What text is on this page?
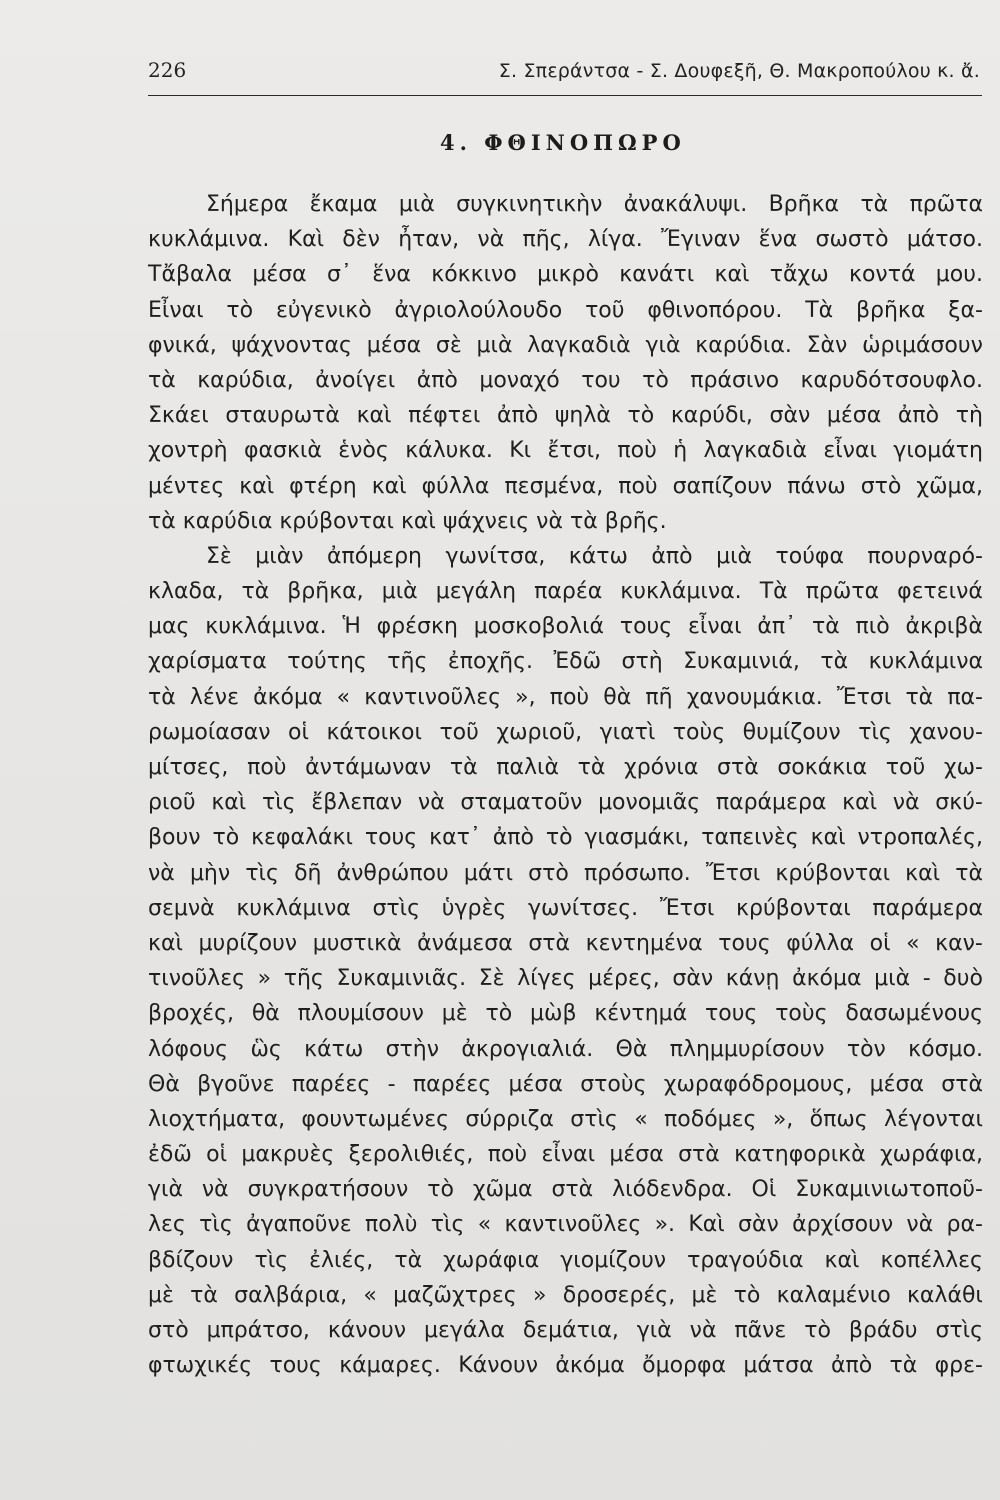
226	Σ. Σπεράντσα - Σ. Δουφεξῆ, Θ. Μακροπούλου κ. ἄ.
4. ΦΘΙΝΟΠΩΡΟ
Σήμερα ἔκαμα μιὰ συγκινητικὴν ἀνακάλυψι. Βρῆκα τὰ πρῶτα
κυκλάμινα. Καὶ δὲν ἦταν, νὰ πῆς, λίγα. Ἔγιναν ἕνα σωστὸ μάτσο.
Τἄβαλα μέσα σ᾿ ἕνα κόκκινο μικρὸ κανάτι καὶ τἄχω κοντά μου.
Εἶναι τὸ εὐγενικὸ ἀγριολούλουδο τοῦ φθινοπόρου. Τὰ βρῆκα ξα-
φνικά, ψάχνοντας μέσα σὲ μιὰ λαγκαδιὰ γιὰ καρύδια. Σὰν ὡριμάσουν
τὰ καρύδια, ἀνοίγει ἀπὸ μοναχό του τὸ πράσινο καρυδότσουφλο.
Σκάει σταυρωτὰ καὶ πέφτει ἀπὸ ψηλὰ τὸ καρύδι, σὰν μέσα ἀπὸ τὴ
χοντρὴ φασκιὰ ἑνὸς κάλυκα. Κι ἔτσι, ποὺ ἡ λαγκαδιὰ εἶναι γιομάτη
μέντες καὶ φτέρη καὶ φύλλα πεσμένα, ποὺ σαπίζουν πάνω στὸ χῶμα,
τὰ καρύδια κρύβονται καὶ ψάχνεις νὰ τὰ βρῆς.
Σὲ μιὰν ἀπόμερη γωνίτσα, κάτω ἀπὸ μιὰ τούφα πουρναρό-
κλαδα, τὰ βρῆκα, μιὰ μεγάλη παρέα κυκλάμινα. Τὰ πρῶτα φετεινά
μας κυκλάμινα. Ἡ φρέσκη μοσκοβολιά τους εἶναι ἀπ᾿ τὰ πιὸ ἀκριβὰ
χαρίσματα τούτης τῆς ἐποχῆς. Ἐδῶ στὴ Συκαμινιά, τὰ κυκλάμινα
τὰ λένε ἀκόμα « καντινοῦλες », ποὺ θὰ πῆ χανουμάκια. Ἔτσι τὰ πα-
ρωμοίασαν οἱ κάτοικοι τοῦ χωριοῦ, γιατὶ τοὺς θυμίζουν τὶς χανου-
μίτσες, ποὺ ἀντάμωναν τὰ παλιὰ τὰ χρόνια στὰ σοκάκια τοῦ χω-
ριοῦ καὶ τὶς ἔβλεπαν νὰ σταματοῦν μονομιᾶς παράμερα καὶ νὰ σκύ-
βουν τὸ κεφαλάκι τους κατ᾿ ἀπὸ τὸ γιασμάκι, ταπεινὲς καὶ ντροπαλές,
νὰ μὴν τὶς δῆ ἀνθρώπου μάτι στὸ πρόσωπο. Ἔτσι κρύβονται καὶ τὰ
σεμνὰ κυκλάμινα στὶς ὑγρὲς γωνίτσες. Ἔτσι κρύβονται παράμερα
καὶ μυρίζουν μυστικὰ ἀνάμεσα στὰ κεντημένα τους φύλλα οἱ « καν-
τινοῦλες » τῆς Συκαμινιᾶς. Σὲ λίγες μέρες, σὰν κάνῃ ἀκόμα μιὰ - δυὸ
βροχές, θὰ πλουμίσουν μὲ τὸ μὼβ κέντημά τους τοὺς δασωμένους
λόφους ὣς κάτω στὴν ἀκρογιαλιά. Θὰ πλημμυρίσουν τὸν κόσμο.
Θὰ βγοῦνε παρέες - παρέες μέσα στοὺς χωραφόδρομους, μέσα στὰ
λιοχτήματα, φουντωμένες σύρριζα στὶς « ποδόμες », ὅπως λέγονται
ἐδῶ οἱ μακρυὲς ξερολιθιές, ποὺ εἶναι μέσα στὰ κατηφορικὰ χωράφια,
γιὰ νὰ συγκρατήσουν τὸ χῶμα στὰ λιόδενδρα. Οἱ Συκαμινιωτοποῦ-
λες τὶς ἀγαποῦνε πολὺ τὶς « καντινοῦλες ». Καὶ σὰν ἀρχίσουν νὰ ρα-
βδίζουν τὶς ἐλιές, τὰ χωράφια γιομίζουν τραγούδια καὶ κοπέλλες
μὲ τὰ σαλβάρια, « μαζῶχτρες » δροσερές, μὲ τὸ καλαμένιο καλάθι
στὸ μπράτσο, κάνουν μεγάλα δεμάτια, γιὰ νὰ πᾶνε τὸ βράδυ στὶς
φτωχικές τους κάμαρες. Κάνουν ἀκόμα ὄμορφα μάτσα ἀπὸ τὰ φρε-
